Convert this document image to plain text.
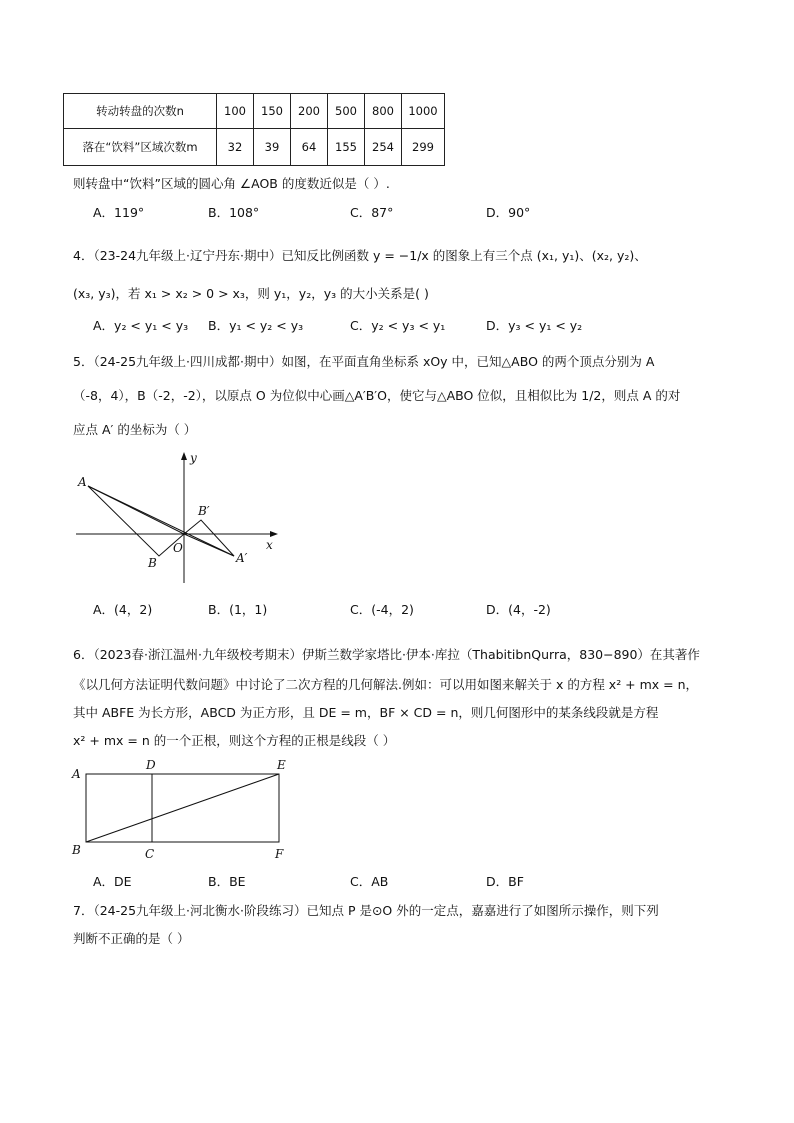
转动转盘的次数n	100	150	200	500	800	1000
落在“饮料”区域次数m	32	39	64	155	254	299
则转盘中“饮料”区域的圆心角 ∠AOB 的度数近似是（ ）.
A．119°	B．108°	C．87°	D．90°
4．（23-24九年级上·辽宁丹东·期中）已知反比例函数 y = −1/x 的图象上有三个点 (x₁, y₁)、(x₂, y₂)、
(x₃, y₃)，若 x₁ > x₂ > 0 > x₃，则 y₁，y₂，y₃ 的大小关系是( )
A．y₂ < y₁ < y₃ B．y₁ < y₂ < y₃	C．y₂ < y₃ < y₁	D．y₃ < y₁ < y₂
5．（24-25九年级上·四川成都·期中）如图，在平面直角坐标系 xOy 中，已知△ABO 的两个顶点分别为 A
（-8，4），B（-2，-2），以原点 O 为位似中心画△A′B′O，使它与△ABO 位似，且相似比为 1/2，则点 A 的对
应点 A′ 的坐标为（ ）
A
B
O
B′
A′
x
y
A．(4，2)	B．(1，1)	C．(-4，2)	D．(4，-2)
6．（2023春·浙江温州·九年级校考期末）伊斯兰数学家塔比·伊本·库拉（ThabitibnQurra，830−890）在其著作
《以几何方法证明代数问题》中讨论了二次方程的几何解法.例如：可以用如图来解关于 x 的方程 x² + mx = n，
其中 ABFE 为长方形，ABCD 为正方形，且 DE = m，BF × CD = n，则几何图形中的某条线段就是方程
x² + mx = n 的一个正根，则这个方程的正根是线段（ ）
A
D	E
B	C	F
A．DE	B．BE	C．AB	D．BF
7．（24-25九年级上·河北衡水·阶段练习）已知点 P 是⊙O 外的一定点，嘉嘉进行了如图所示操作，则下列
判断不正确的是（ ）
